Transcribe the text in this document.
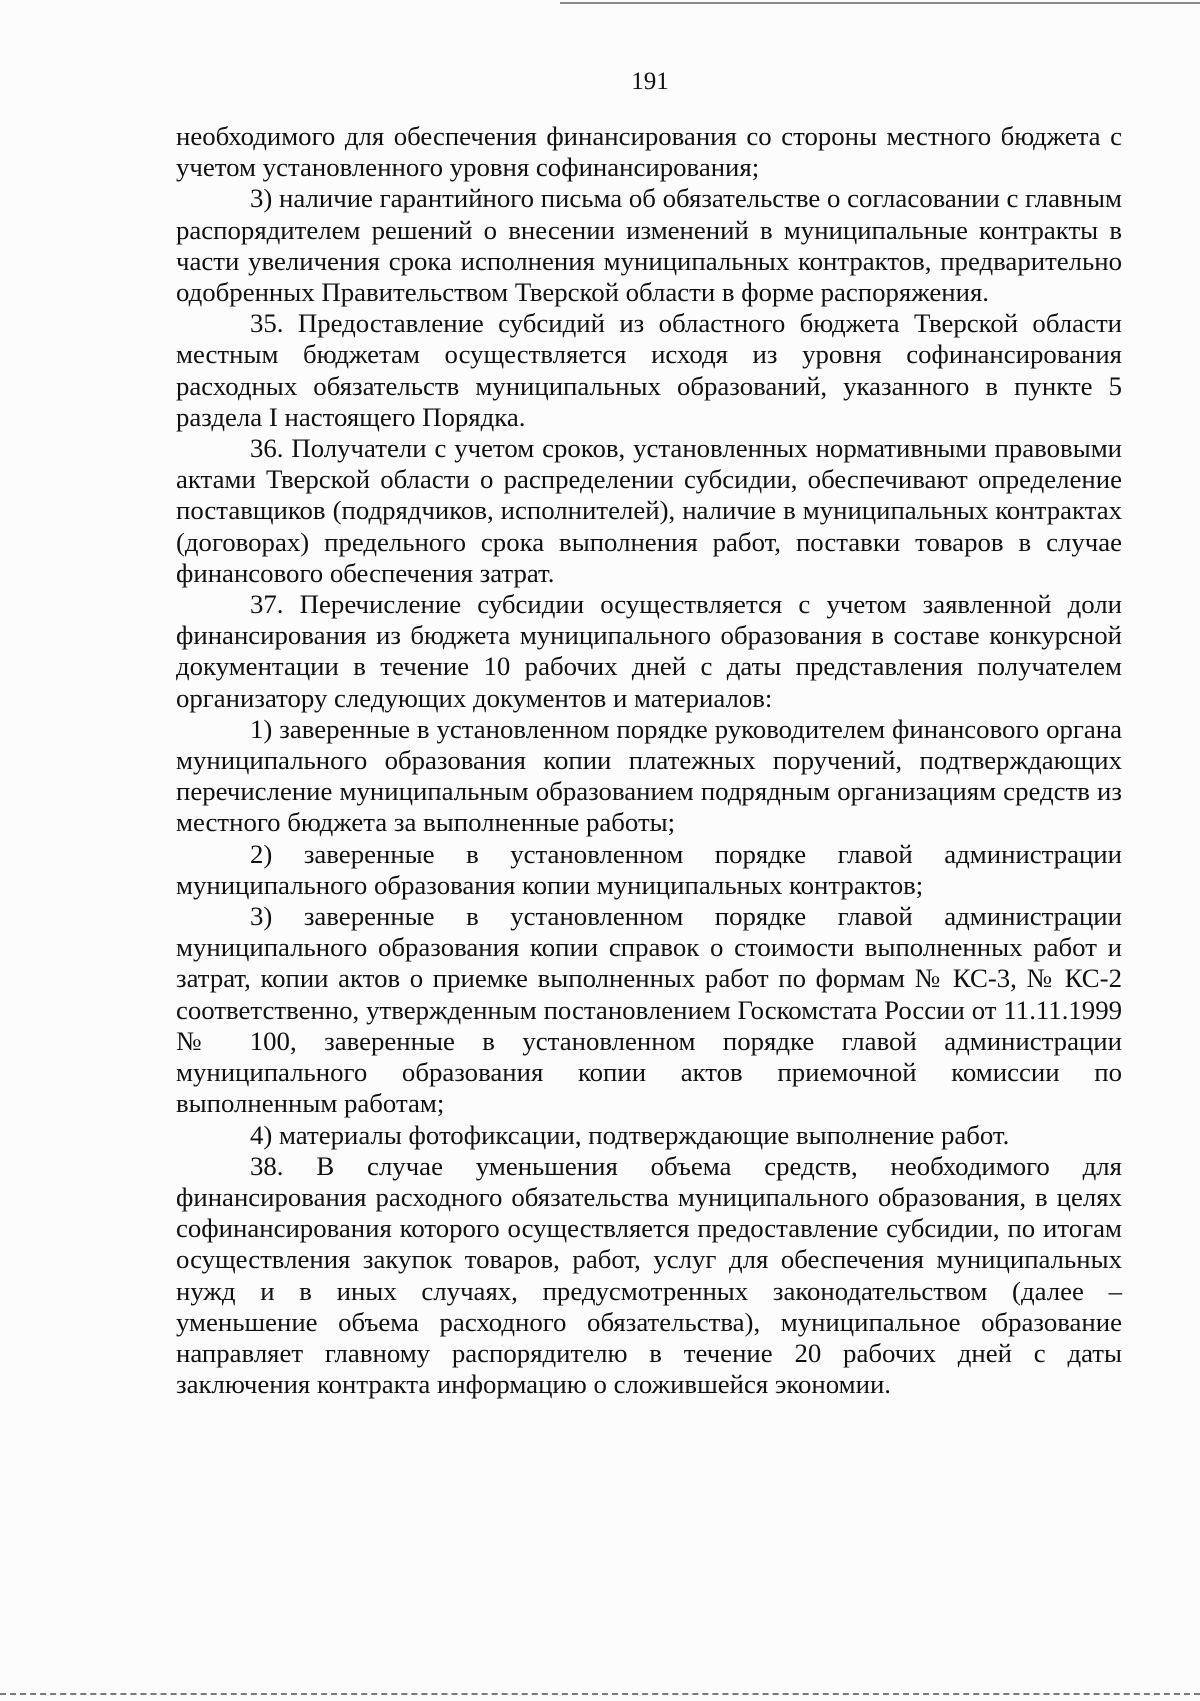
191

необходимого для обеспечения финансирования со стороны местного бюджета с учетом установленного уровня софинансирования;

3) наличие гарантийного письма об обязательстве о согласовании с главным распорядителем решений о внесении изменений в муниципальные контракты в части увеличения срока исполнения муниципальных контрактов, предварительно одобренных Правительством Тверской области в форме распоряжения.

35. Предоставление субсидий из областного бюджета Тверской области местным бюджетам осуществляется исходя из уровня софинансирования расходных обязательств муниципальных образований, указанного в пункте 5 раздела I настоящего Порядка.

36. Получатели с учетом сроков, установленных нормативными правовыми актами Тверской области о распределении субсидии, обеспечивают определение поставщиков (подрядчиков, исполнителей), наличие в муниципальных контрактах (договорах) предельного срока выполнения работ, поставки товаров в случае финансового обеспечения затрат.

37. Перечисление субсидии осуществляется с учетом заявленной доли финансирования из бюджета муниципального образования в составе конкурсной документации в течение 10 рабочих дней с даты представления получателем организатору следующих документов и материалов:

1) заверенные в установленном порядке руководителем финансового органа муниципального образования копии платежных поручений, подтверждающих перечисление муниципальным образованием подрядным организациям средств из местного бюджета за выполненные работы;

2) заверенные в установленном порядке главой администрации муниципального образования копии муниципальных контрактов;

3) заверенные в установленном порядке главой администрации муниципального образования копии справок о стоимости выполненных работ и затрат, копии актов о приемке выполненных работ по формам № КС-3, № КС-2 соответственно, утвержденным постановлением Госкомстата России от 11.11.1999 № 100, заверенные в установленном порядке главой администрации муниципального образования копии актов приемочной комиссии по выполненным работам;

4) материалы фотофиксации, подтверждающие выполнение работ.

38. В случае уменьшения объема средств, необходимого для финансирования расходного обязательства муниципального образования, в целях софинансирования которого осуществляется предоставление субсидии, по итогам осуществления закупок товаров, работ, услуг для обеспечения муниципальных нужд и в иных случаях, предусмотренных законодательством (далее – уменьшение объема расходного обязательства), муниципальное образование направляет главному распорядителю в течение 20 рабочих дней с даты заключения контракта информацию о сложившейся экономии.
